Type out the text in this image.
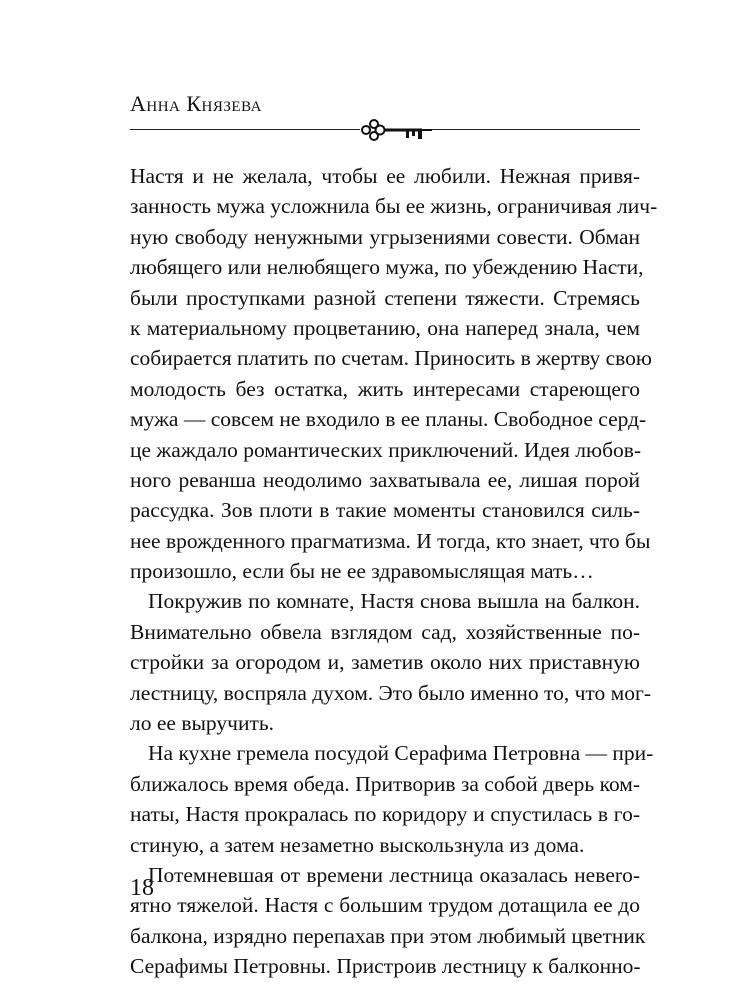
Анна Князева
Настя и не желала, чтобы ее любили. Нежная привя-
занность мужа усложнила бы ее жизнь, ограничивая лич-
ную свободу ненужными угрызениями совести. Обман
любящего или нелюбящего мужа, по убеждению Насти,
были проступками разной степени тяжести. Стремясь
к материальному процветанию, она наперед знала, чем
собирается платить по счетам. Приносить в жертву свою
молодость без остатка, жить интересами стареющего
мужа — совсем не входило в ее планы. Свободное серд-
це жаждало романтических приключений. Идея любов-
ного реванша неодолимо захватывала ее, лишая порой
рассудка. Зов плоти в такие моменты становился силь-
нее врожденного прагматизма. И тогда, кто знает, что бы
произошло, если бы не ее здравомыслящая мать…
Покружив по комнате, Настя снова вышла на балкон.
Внимательно обвела взглядом сад, хозяйственные по-
стройки за огородом и, заметив около них приставную
лестницу, воспряла духом. Это было именно то, что мог-
ло ее выручить.
На кухне гремела посудой Серафима Петровна — при-
ближалось время обеда. Притворив за собой дверь ком-
наты, Настя прокралась по коридору и спустилась в го-
стиную, а затем незаметно выскользнула из дома.
Потемневшая от времени лестница оказалась невero-
ятно тяжелой. Настя с большим трудом дотащила ее до
балкона, изрядно перепахав при этом любимый цветник
Серафимы Петровны. Пристроив лестницу к балконно-
18
